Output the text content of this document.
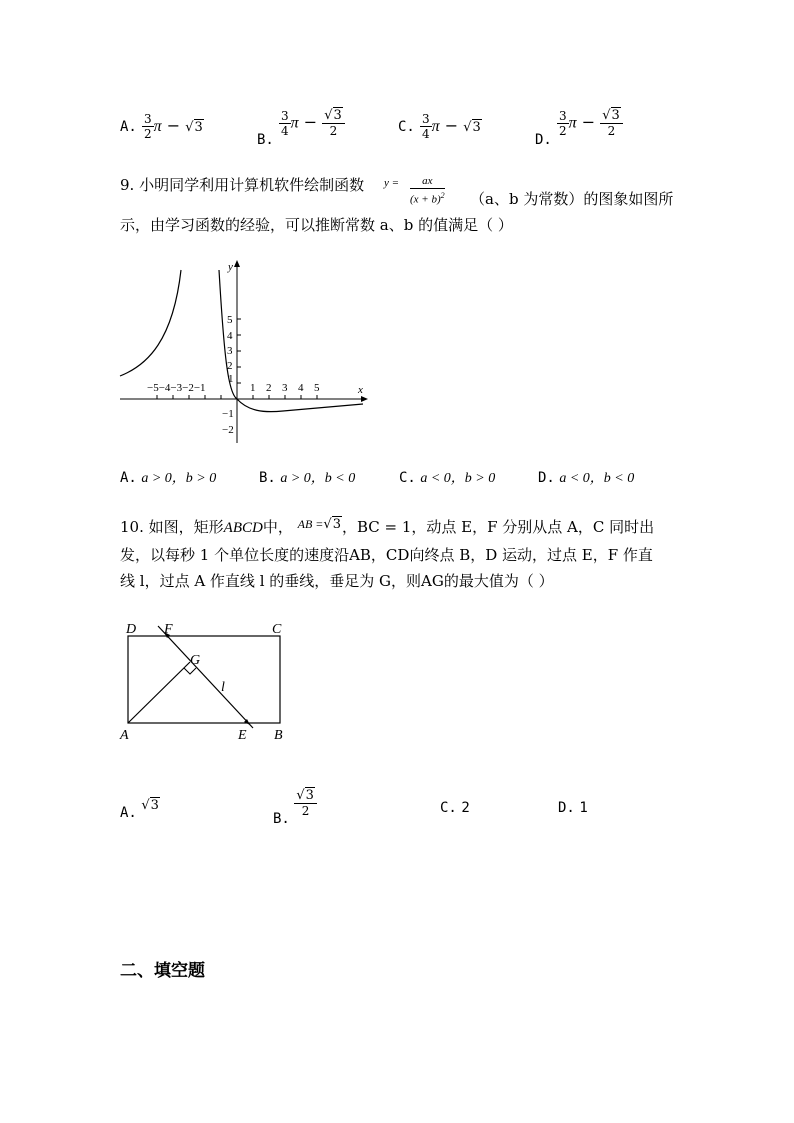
A. $\frac{3}{2}$ π − √3
B.
$\frac{3}{4}$ $\pi - \frac{√3}{2}$	C. $\frac{3}{4}$ π − √3
D.
$\frac{3}{2}$ $\pi - \frac{√3}{2}$
9. 小明同学利用计算机软件绘制函数 $y = \frac{ax}{(x + b)^2}$	（a、b 为常数）的图象如图所示，由学习函数的经验，可以推断常数 a、b 的值满足（ ）
y
x
5
4
3
2
1
−1
−2
−5−4−3−2−1	1 2 3 4 5
A. a > 0，b > 0	B. a > 0，b < 0	C. a < 0，b > 0	D. a < 0，b < 0
10. 如图，矩形ABCD中， $^{AB =}$√3，BC = 1，动点 E，F 分别从点 A，C 同时出
发，以每秒 1 个单位长度的速度沿AB，CD向终点 B，D 运动，过点 E，F 作直
线 l，过点 A 作直线 l 的垂线，垂足为 G，则AG的最大值为（ ）
D F	C
G
l
A	E B
A. √3
B.
$\frac{√3}{2}$	C. 2	D. 1
二、填空题
